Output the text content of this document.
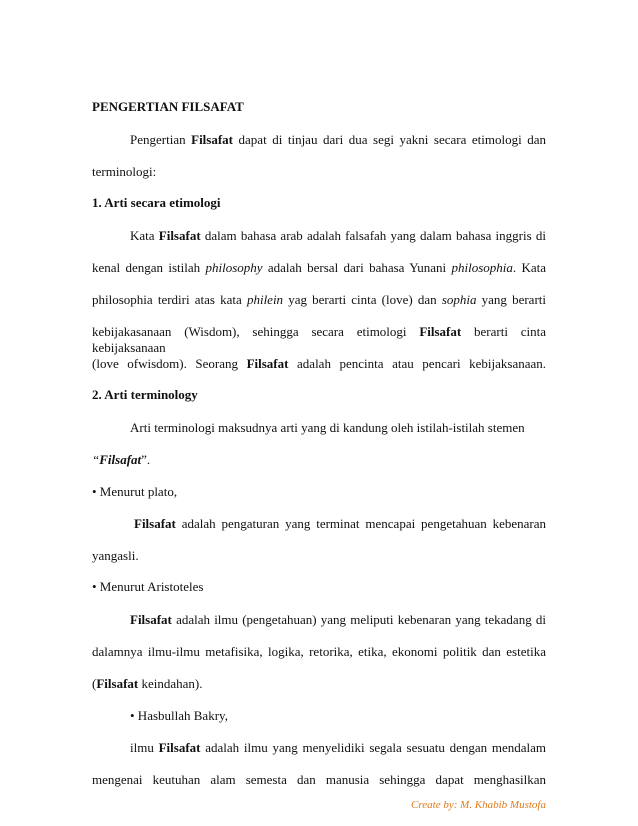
PENGERTIAN FILSAFAT
Pengertian Filsafat dapat di tinjau dari dua segi yakni secara etimologi dan
terminologi:
1. Arti secara etimologi
Kata Filsafat dalam bahasa arab adalah falsafah yang dalam bahasa inggris di
kenal dengan istilah philosophy adalah bersal dari bahasa Yunani philosophia. Kata
philosophia terdiri atas kata philein yag berarti cinta (love) dan sophia yang berarti
kebijakasanaan (Wisdom), sehingga secara etimologi Filsafat berarti cinta kebijaksanaan
(love ofwisdom). Seorang Filsafat adalah pencinta atau pencari kebijaksanaan.
2. Arti terminology
Arti terminologi maksudnya arti yang di kandung oleh istilah-istilah stemen
“Filsafat”.
• Menurut plato,
Filsafat adalah pengaturan yang terminat mencapai pengetahuan kebenaran
yangasli.
• Menurut Aristoteles
Filsafat adalah ilmu (pengetahuan) yang meliputi kebenaran yang tekadang di
dalamnya ilmu-ilmu metafisika, logika, retorika, etika, ekonomi politik dan estetika
(Filsafat keindahan).
• Hasbullah Bakry,
ilmu Filsafat adalah ilmu yang menyelidiki segala sesuatu dengan mendalam
mengenai keutuhan alam semesta dan manusia sehingga dapat menghasilkan
Create by: M. Khabib Mustofa
